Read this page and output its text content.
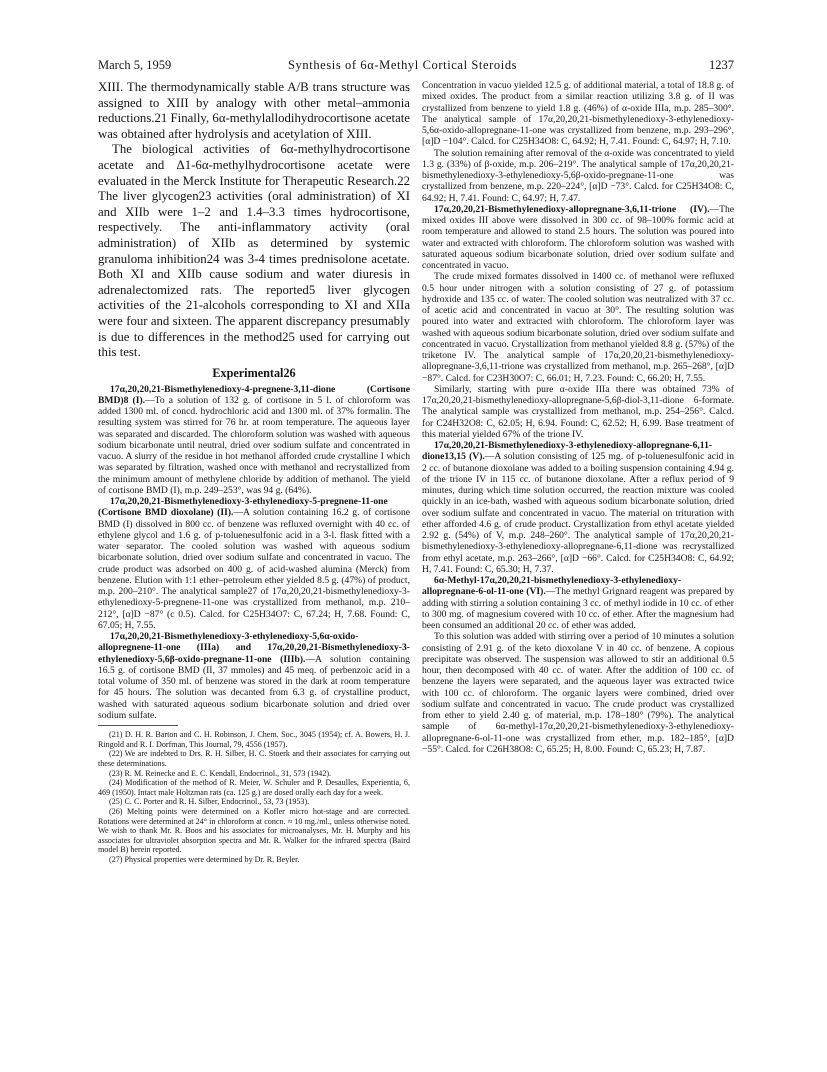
March 5, 1959	Synthesis of 6α-Methyl Cortical Steroids	1237

XIII. The thermodynamically stable A/B trans structure was assigned to XIII by analogy with other metal–ammonia reductions.21 Finally, 6α-methylallodihydrocortisone acetate was obtained after hydrolysis and acetylation of XIII.

The biological activities of 6α-methylhydrocortisone acetate and Δ1-6α-methylhydrocortisone acetate were evaluated in the Merck Institute for Therapeutic Research.22 The liver glycogen23 activities (oral administration) of XI and XIIb were 1–2 and 1.4–3.3 times hydrocortisone, respectively. The anti-inflammatory activity (oral administration) of XIIb as determined by systemic granuloma inhibition24 was 3-4 times prednisolone acetate. Both XI and XIIb cause sodium and water diuresis in adrenalectomized rats. The reported5 liver glycogen activities of the 21-alcohols corresponding to XI and XIIa were four and sixteen. The apparent discrepancy presumably is due to differences in the method25 used for carrying out this test.

Experimental26

17α,20,20,21-Bismethylenedioxy-4-pregnene-3,11-dione (Cortisone BMD)8 (I).—To a solution of 132 g. of cortisone in 5 l. of chloroform was added 1300 ml. of concd. hydrochloric acid and 1300 ml. of 37% formalin. The resulting system was stirred for 76 hr. at room temperature. The aqueous layer was separated and discarded. The chloroform solution was washed with aqueous sodium bicarbonate until neutral, dried over sodium sulfate and concentrated in vacuo. A slurry of the residue in hot methanol afforded crude crystalline I which was separated by filtration, washed once with methanol and recrystallized from the minimum amount of methylene chloride by addition of methanol. The yield of cortisone BMD (I), m.p. 249–253°, was 94 g. (64%).

17α,20,20,21-Bismethylenedioxy-3-ethylenedioxy-5-pregnene-11-one (Cortisone BMD dioxolane) (II).—A solution containing 16.2 g. of cortisone BMD (I) dissolved in 800 cc. of benzene was refluxed overnight with 40 cc. of ethylene glycol and 1.6 g. of p-toluenesulfonic acid in a 3-l. flask fitted with a water separator. The cooled solution was washed with aqueous sodium bicarbonate solution, dried over sodium sulfate and concentrated in vacuo. The crude product was adsorbed on 400 g. of acid-washed alumina (Merck) from benzene. Elution with 1:1 ether–petroleum ether yielded 8.5 g. (47%) of product, m.p. 200–210°. The analytical sample27 of 17α,20,20,21-bismethylenedioxy-3-ethylenedioxy-5-pregnene-11-one was crystallized from methanol, m.p. 210–212°, [α]D −87° (c 0.5). Calcd. for C25H34O7: C, 67.24; H, 7.68. Found: C, 67.05; H, 7.55.

17α,20,20,21-Bismethylenedioxy-3-ethylenedioxy-5,6α-oxido-allopregnene-11-one (IIIa) and 17α,20,20,21-Bismethylenedioxy-3-ethylenedioxy-5,6β-oxido-pregnane-11-one (IIIb).—A solution containing 16.5 g. of cortisone BMD (II, 37 mmoles) and 45 meq. of perbenzoic acid in a total volume of 350 ml. of benzene was stored in the dark at room temperature for 45 hours. The solution was decanted from 6.3 g. of crystalline product, washed with saturated aqueous sodium bicarbonate solution and dried over sodium sulfate.

(21) D. H. R. Barton and C. H. Robinson, J. Chem. Soc., 3045 (1954); cf. A. Bowers, H. J. Ringold and R. I. Dorfman, This Journal, 79, 4556 (1957).

(22) We are indebted to Drs. R. H. Silber, H. C. Stoerk and their associates for carrying out these determinations.

(23) R. M. Reinecke and E. C. Kendall, Endocrinol., 31, 573 (1942).

(24) Modification of the method of R. Meier, W. Schuler and P. Desaulles, Experientia, 6, 469 (1950). Intact male Holtzman rats (ca. 125 g.) are dosed orally each day for a week.

(25) C. C. Porter and R. H. Silber, Endocrinol., 53, 73 (1953).

(26) Melting points were determined on a Kofler micro hot-stage and are corrected. Rotations were determined at 24° in chloroform at concn. ≈ 10 mg./ml., unless otherwise noted. We wish to thank Mr. R. Boos and his associates for microanalyses, Mr. H. Murphy and his associates for ultraviolet absorption spectra and Mr. R. Walker for the infrared spectra (Baird model B) herein reported.

(27) Physical properties were determined by Dr. R. Beyler.

Concentration in vacuo yielded 12.5 g. of additional material, a total of 18.8 g. of mixed oxides. The product from a similar reaction utilizing 3.8 g. of II was crystallized from benzene to yield 1.8 g. (46%) of α-oxide IIIa, m.p. 285–300°. The analytical sample of 17α,20,20,21-bismethylenedioxy-3-ethylenedioxy-5,6α-oxido-allopregnane-11-one was crystallized from benzene, m.p. 293–296°, [α]D −104°. Calcd. for C25H34O8: C, 64.92; H, 7.41. Found: C, 64.97; H, 7.10.

The solution remaining after removal of the α-oxide was concentrated to yield 1.3 g. (33%) of β-oxide, m.p. 206–219°. The analytical sample of 17α,20,20,21-bismethylenedioxy-3-ethylenedioxy-5,6β-oxido-pregnane-11-one was crystallized from benzene, m.p. 220–224°, [α]D −73°. Calcd. for C25H34O8: C, 64.92; H, 7.41. Found: C, 64.97; H, 7.47.

17α,20,20,21-Bismethylenedioxy-allopregnane-3,6,11-trione (IV).—The mixed oxides III above were dissolved in 300 cc. of 98–100% formic acid at room temperature and allowed to stand 2.5 hours. The solution was poured into water and extracted with chloroform. The chloroform solution was washed with saturated aqueous sodium bicarbonate solution, dried over sodium sulfate and concentrated in vacuo.

The crude mixed formates dissolved in 1400 cc. of methanol were refluxed 0.5 hour under nitrogen with a solution consisting of 27 g. of potassium hydroxide and 135 cc. of water. The cooled solution was neutralized with 37 cc. of acetic acid and concentrated in vacuo at 30°. The resulting solution was poured into water and extracted with chloroform. The chloroform layer was washed with aqueous sodium bicarbonate solution, dried over sodium sulfate and concentrated in vacuo. Crystallization from methanol yielded 8.8 g. (57%) of the triketone IV. The analytical sample of 17α,20,20,21-bismethylenedioxy-allopregnane-3,6,11-trione was crystallized from methanol, m.p. 265–268°, [α]D −87°. Calcd. for C23H30O7: C, 66.01; H, 7.23. Found: C, 66.20; H, 7.55.

Similarly, starting with pure α-oxide IIIa there was obtained 73% of 17α,20,20,21-bismethylenedioxy-allopregnane-5,6β-diol-3,11-dione 6-formate. The analytical sample was crystallized from methanol, m.p. 254–256°. Calcd. for C24H32O8: C, 62.05; H, 6.94. Found: C, 62.52; H, 6.99. Base treatment of this material yielded 67% of the trione IV.

17α,20,20,21-Bismethylenedioxy-3-ethylenedioxy-allopregnane-6,11-dione13,15 (V).—A solution consisting of 125 mg. of p-toluenesulfonic acid in 2 cc. of butanone dioxolane was added to a boiling suspension containing 4.94 g. of the trione IV in 115 cc. of butanone dioxolane. After a reflux period of 9 minutes, during which time solution occurred, the reaction mixture was cooled quickly in an ice-bath, washed with aqueous sodium bicarbonate solution, dried over sodium sulfate and concentrated in vacuo. The material on trituration with ether afforded 4.6 g. of crude product. Crystallization from ethyl acetate yielded 2.92 g. (54%) of V, m.p. 248–260°. The analytical sample of 17α,20,20,21-bismethylenedioxy-3-ethylenedioxy-allopregnane-6,11-dione was recrystallized from ethyl acetate, m.p. 263–266°, [α]D −66°. Calcd. for C25H34O8: C, 64.92; H, 7.41. Found: C, 65.30; H, 7.37.

6α-Methyl-17α,20,20,21-bismethylenedioxy-3-ethylenedioxy-allopregnane-6-ol-11-one (VI).—The methyl Grignard reagent was prepared by adding with stirring a solution containing 3 cc. of methyl iodide in 10 cc. of ether to 300 mg. of magnesium covered with 10 cc. of ether. After the magnesium had been consumed an additional 20 cc. of ether was added.

To this solution was added with stirring over a period of 10 minutes a solution consisting of 2.91 g. of the keto dioxolane V in 40 cc. of benzene. A copious precipitate was observed. The suspension was allowed to stir an additional 0.5 hour, then decomposed with 40 cc. of water. After the addition of 100 cc. of benzene the layers were separated, and the aqueous layer was extracted twice with 100 cc. of chloroform. The organic layers were combined, dried over sodium sulfate and concentrated in vacuo. The crude product was crystallized from ether to yield 2.40 g. of material, m.p. 178–180° (79%). The analytical sample of 6α-methyl-17α,20,20,21-bismethylenedioxy-3-ethylenedioxy-allopregnane-6-ol-11-one was crystallized from ether, m.p. 182–185°, [α]D −55°. Calcd. for C26H38O8: C, 65.25; H, 8.00. Found: C, 65.23; H, 7.87.
